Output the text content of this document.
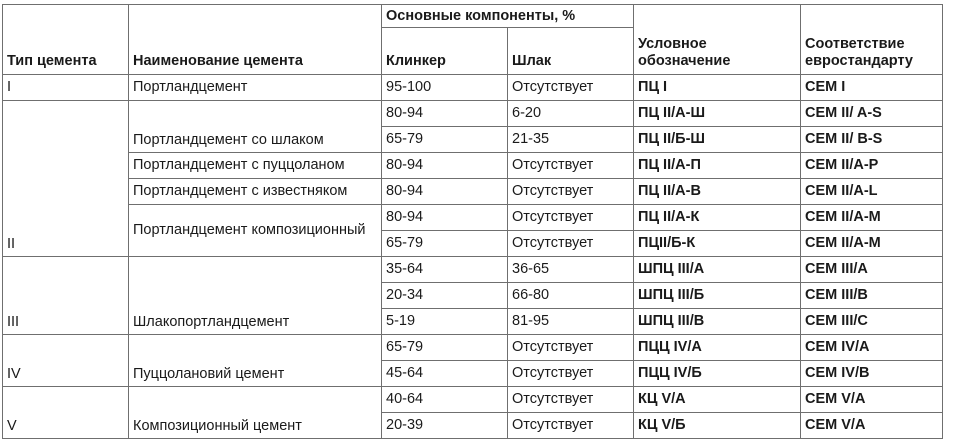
Тип цемента	Наименование цемента	Основные компоненты, %		Условное обозначение	Соответствие евростандарту
		Клинкер	Шлак		
I	Портландцемент	95-100	Отсутствует	ПЦ I	CEM I
II	Портландцемент со шлаком	80-94	6-20	ПЦ II/А-Ш	CEM II/ A-S
		65-79	21-35	ПЦ II/Б-Ш	CEM II/ B-S
	Портландцемент с пуццоланом	80-94	Отсутствует	ПЦ II/А-П	CEM II/A-P
	Портландцемент с известняком	80-94	Отсутствует	ПЦ II/А-В	CEM II/A-L
	Портландцемент композиционный	80-94	Отсутствует	ПЦ II/А-К	CEM II/A-M
		65-79	Отсутствует	ПЦII/Б-К	CEM II/A-M
III	Шлакопортландцемент	35-64	36-65	ШПЦ III/А	CEM III/A
		20-34	66-80	ШПЦ III/Б	CEM III/B
		5-19	81-95	ШПЦ III/В	CEM III/C
IV	Пуццолановий цемент	65-79	Отсутствует	ПЦЦ IV/А	CEM IV/A
		45-64	Отсутствует	ПЦЦ IV/Б	CEM IV/B
V	Композиционный цемент	40-64	Отсутствует	КЦ V/А	CEM V/A
		20-39	Отсутствует	КЦ V/Б	CEM V/A
